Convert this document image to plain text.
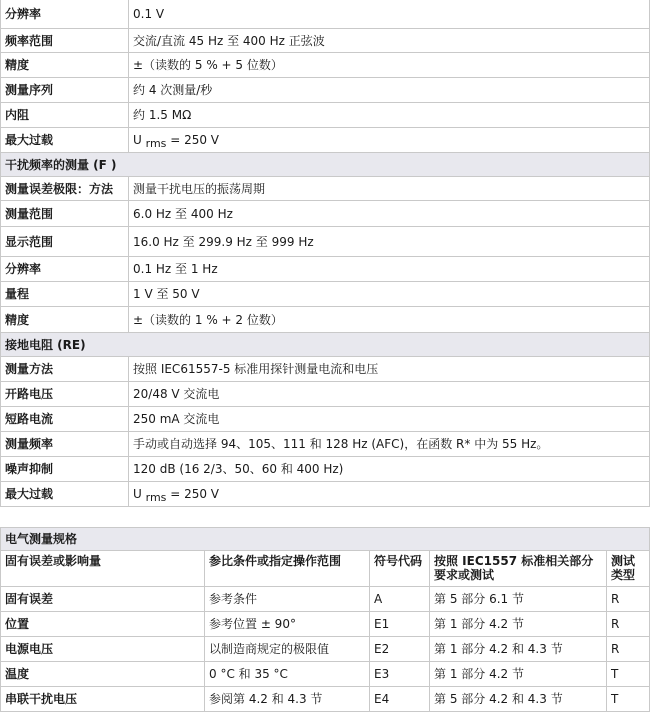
分辨率	0.1 V
频率范围	交流/直流 45 Hz 至 400 Hz 正弦波
精度	±（读数的 5 % + 5 位数）
测量序列	约 4 次测量/秒
内阻	约 1.5 MΩ
最大过载	U rms = 250 V
干扰频率的测量 (F )	
测量误差极限：方法	测量干扰电压的振荡周期
测量范围	6.0 Hz 至 400 Hz
显示范围	16.0 Hz 至 299.9 Hz 至 999 Hz
分辨率	0.1 Hz 至 1 Hz
量程	1 V 至 50 V
精度	±（读数的 1 % + 2 位数）
接地电阻 (RE)	
测量方法	按照 IEC61557-5 标准用探针测量电流和电压
开路电压	20/48 V 交流电
短路电流	250 mA 交流电
测量频率	手动或自动选择 94、105、111 和 128 Hz (AFC)，在函数 R* 中为 55 Hz。
噪声抑制	120 dB (16 2/3、50、60 和 400 Hz)
最大过载	U rms = 250 V
电气测量规格				
固有误差或影响量	参比条件或指定操作范围	符号代码	按照 IEC1557 标准相关部分要求或测试	测试类型
固有误差	参考条件	A	第 5 部分 6.1 节	R
位置	参考位置 ± 90°	E1	第 1 部分 4.2 节	R
电源电压	以制造商规定的极限值	E2	第 1 部分 4.2 和 4.3 节	R
温度	0 °C 和 35 °C	E3	第 1 部分 4.2 节	T
串联干扰电压	参阅第 4.2 和 4.3 节	E4	第 5 部分 4.2 和 4.3 节	T
